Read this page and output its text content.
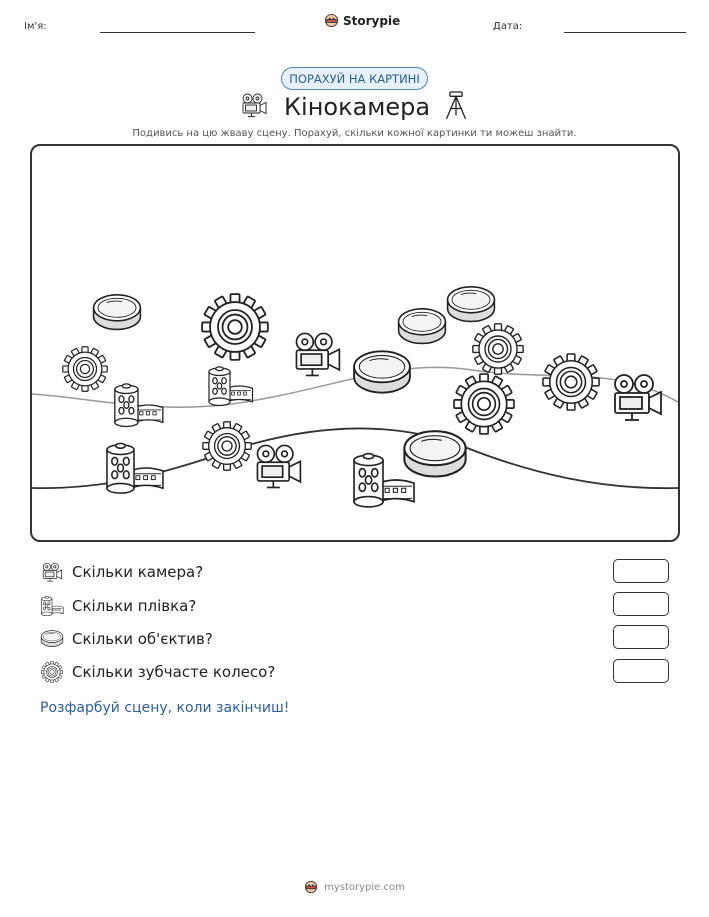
Ім'я:	Storypie	Дата:
ПОРАХУЙ НА КАРТИНІ
Кінокамера
Подивись на цю жваву сцену. Порахуй, скільки кожної картинки ти можеш знайти.
Скільки камера?
Скільки плівка?
Скільки об'єктив?
Скільки зубчасте колесо?
Розфарбуй сцену, коли закінчиш!
mystorypie.com
